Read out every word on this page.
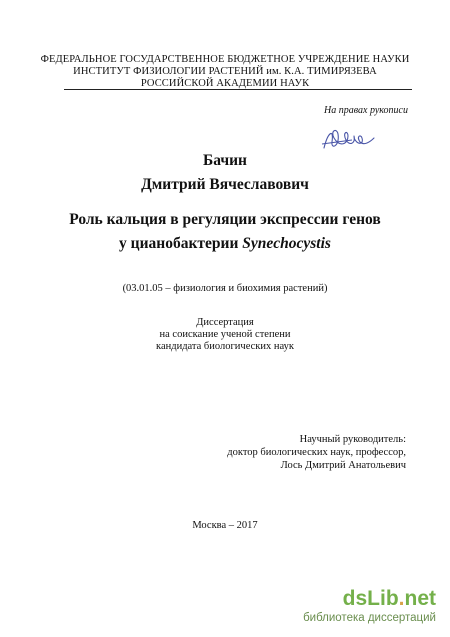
ФЕДЕРАЛЬНОЕ ГОСУДАРСТВЕННОЕ БЮДЖЕТНОЕ УЧРЕЖДЕНИЕ НАУКИ
ИНСТИТУТ ФИЗИОЛОГИИ РАСТЕНИЙ им. К.А. ТИМИРЯЗЕВА
РОССИЙСКОЙ АКАДЕМИИ НАУК
На правах рукописи
Бачин
Дмитрий Вячеславович
Роль кальция в регуляции экспрессии генов
у цианобактерии Synechocystis
(03.01.05 – физиология и биохимия растений)
Диссертация
на соискание ученой степени
кандидата биологических наук
Научный руководитель:
доктор биологических наук, профессор,
Лось Дмитрий Анатольевич
Москва – 2017
dsLib.net
библиотека диссертаций
